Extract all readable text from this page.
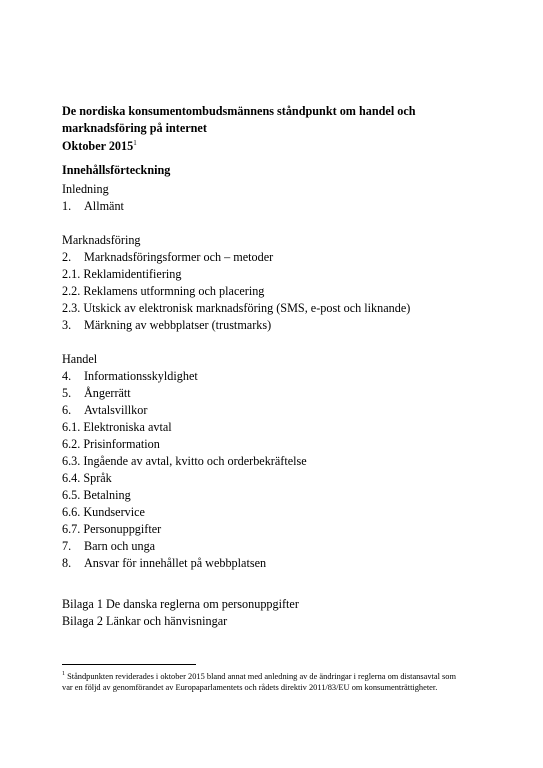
De nordiska konsumentombudsmännens ståndpunkt om handel och marknadsföring på internet
Oktober 2015$^1$
Innehållsförteckning
Inledning
1. Allmänt
Marknadsföring
2. Marknadsföringsformer och – metoder
2.1. Reklamidentifiering
2.2. Reklamens utformning och placering
2.3. Utskick av elektronisk marknadsföring (SMS, e-post och liknande)
3. Märkning av webbplatser (trustmarks)
Handel
4. Informationsskyldighet
5. Ångerrätt
6. Avtalsvillkor
6.1. Elektroniska avtal
6.2. Prisinformation
6.3. Ingående av avtal, kvitto och orderbekräftelse
6.4. Språk
6.5. Betalning
6.6. Kundservice
6.7. Personuppgifter
7. Barn och unga
8. Ansvar för innehållet på webbplatsen
Bilaga 1 De danska reglerna om personuppgifter
Bilaga 2 Länkar och hänvisningar
$^1$ Ståndpunkten reviderades i oktober 2015 bland annat med anledning av de ändringar i reglerna om distansavtal som var en följd av genomförandet av Europaparlamentets och rådets direktiv 2011/83/EU om konsumenträttigheter.
